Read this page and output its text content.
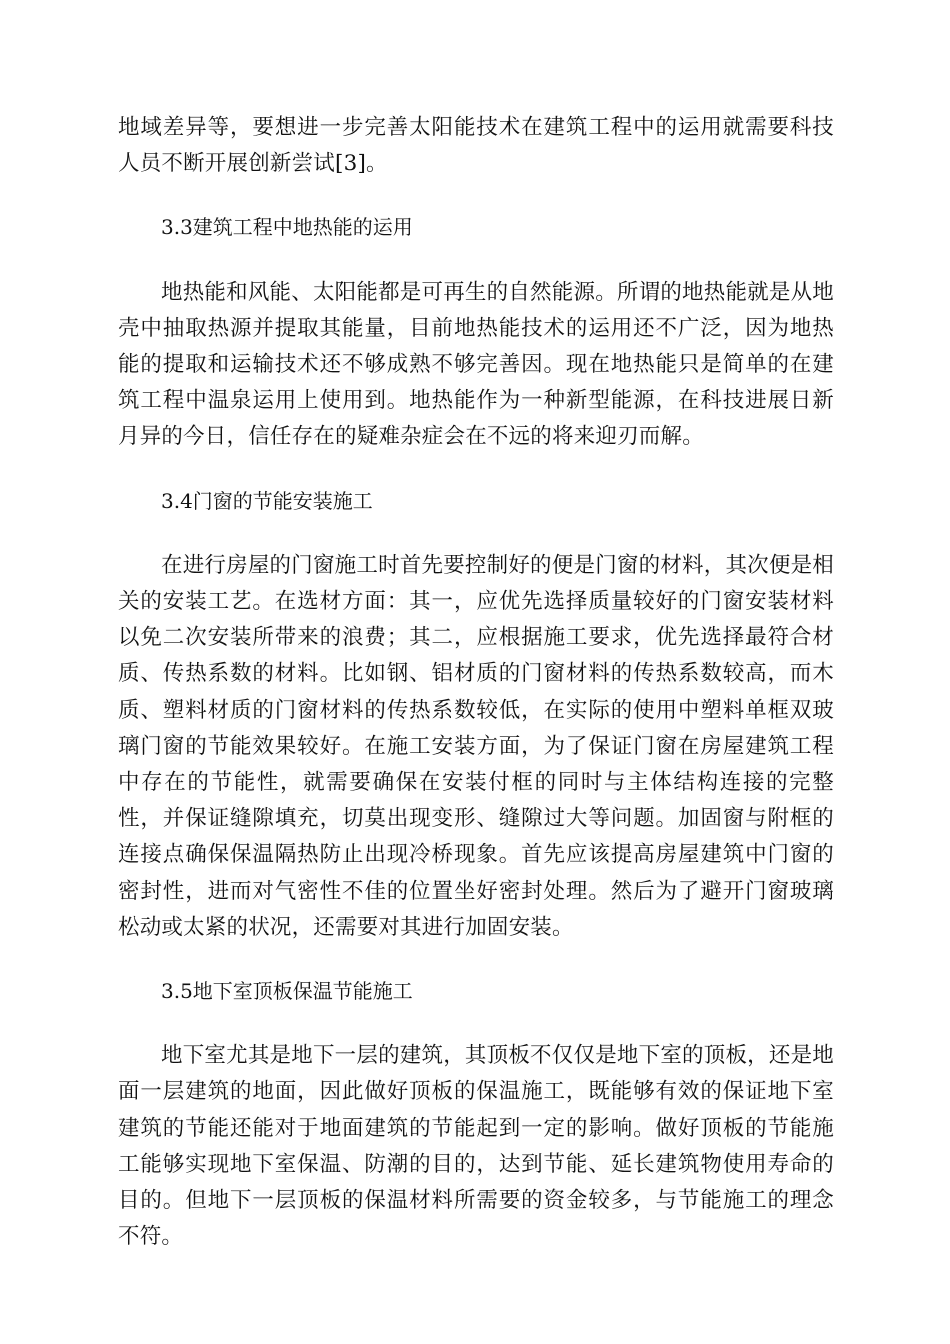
地域差异等，要想进一步完善太阳能技术在建筑工程中的运用就需要科技人员不断开展创新尝试[3]。

3.3建筑工程中地热能的运用

地热能和风能、太阳能都是可再生的自然能源。所谓的地热能就是从地壳中抽取热源并提取其能量，目前地热能技术的运用还不广泛，因为地热能的提取和运输技术还不够成熟不够完善因。现在地热能只是简单的在建筑工程中温泉运用上使用到。地热能作为一种新型能源，在科技进展日新月异的今日，信任存在的疑难杂症会在不远的将来迎刃而解。

3.4门窗的节能安装施工

在进行房屋的门窗施工时首先要控制好的便是门窗的材料，其次便是相关的安装工艺。在选材方面：其一，应优先选择质量较好的门窗安装材料以免二次安装所带来的浪费；其二，应根据施工要求，优先选择最符合材质、传热系数的材料。比如钢、铝材质的门窗材料的传热系数较高，而木质、塑料材质的门窗材料的传热系数较低，在实际的使用中塑料单框双玻璃门窗的节能效果较好。在施工安装方面，为了保证门窗在房屋建筑工程中存在的节能性，就需要确保在安装付框的同时与主体结构连接的完整性，并保证缝隙填充，切莫出现变形、缝隙过大等问题。加固窗与附框的连接点确保保温隔热防止出现冷桥现象。首先应该提高房屋建筑中门窗的密封性，进而对气密性不佳的位置坐好密封处理。然后为了避开门窗玻璃松动或太紧的状况，还需要对其进行加固安装。

3.5地下室顶板保温节能施工

地下室尤其是地下一层的建筑，其顶板不仅仅是地下室的顶板，还是地面一层建筑的地面，因此做好顶板的保温施工，既能够有效的保证地下室建筑的节能还能对于地面建筑的节能起到一定的影响。做好顶板的节能施工能够实现地下室保温、防潮的目的，达到节能、延长建筑物使用寿命的目的。但地下一层顶板的保温材料所需要的资金较多，与节能施工的理念不符。
